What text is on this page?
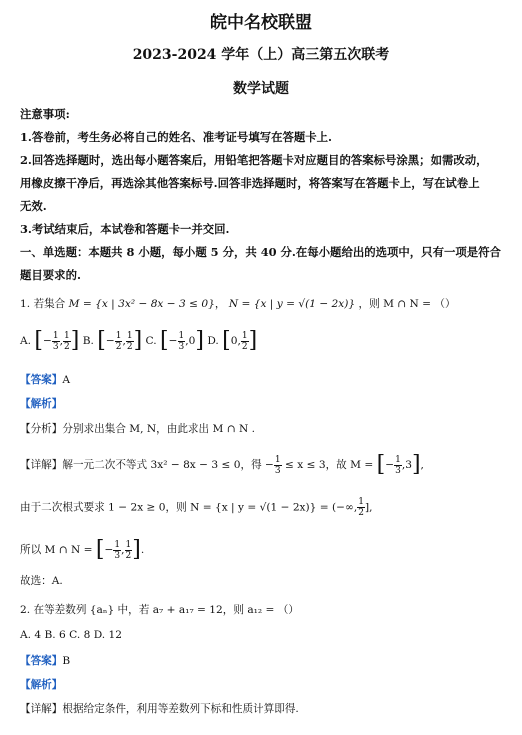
皖中名校联盟
2023-2024 学年（上）高三第五次联考
数学试题
注意事项:
1.答卷前，考生务必将自己的姓名、准考证号填写在答题卡上.
2.回答选择题时，选出每小题答案后，用铅笔把答题卡对应题目的答案标号涂黑；如需改动，
用橡皮擦干净后，再选涂其他答案标号.回答非选择题时，将答案写在答题卡上，写在试卷上
无效.
3.考试结束后，本试卷和答题卡一并交回.
一、单选题：本题共 8 小题，每小题 5 分，共 40 分.在每小题给出的选项中，只有一项是符合
题目要求的.
1. 若集合 M = {x | 3x² − 8x − 3 ≤ 0}， N = {x | y = √(1 − 2x)} ，则 M ∩ N = （）
A. [− $\frac{1}{3}$ , $\frac{1}{2}$ ] B. [− $\frac{1}{2}$ , $\frac{1}{2}$ ] C. [− $\frac{1}{3} ,0$] D. [0, $\frac{1}{2}$ ]
【答案】A
【解析】
【分析】分别求出集合 M, N，由此求出 M ∩ N .
【详解】解一元二次不等式 3x² − 8x − 3 ≤ 0，得 − $\frac{1}{3} \le x \le 3$，故 M = [− $\frac{1}{3} ,3$],
由于二次根式要求 1 − 2x ≥ 0，则 N = {x | y = √(1 − 2x)} = (−∞, $\frac{1}{2}$ ],
所以 M ∩ N = [− $\frac{1}{3}$ , $\frac{1}{2}$ ].
故选：A.
2. 在等差数列 {aₙ} 中，若 a₇ + a₁₇ = 12，则 a₁₂ = （）
A. 4 B. 6 C. 8 D. 12
【答案】B
【解析】
【详解】根据给定条件，利用等差数列下标和性质计算即得.
